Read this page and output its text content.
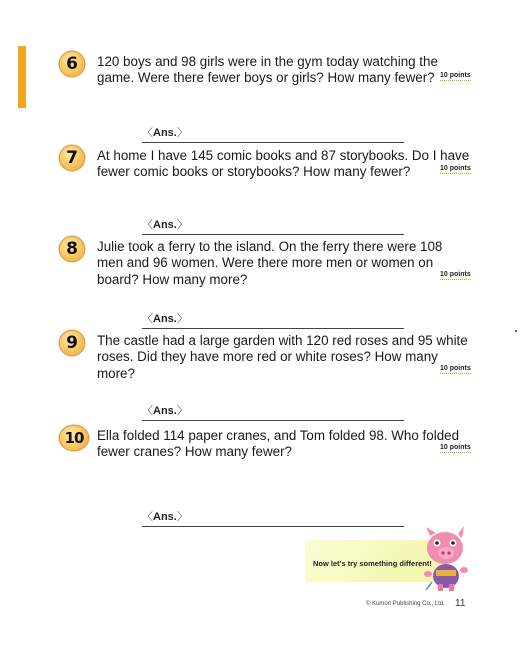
6	120 boys and 98 girls were in the gym today watching the game. Were there fewer boys or girls? How many fewer? 10 points
〈 Ans. 〉
7	At home I have 145 comic books and 87 storybooks. Do I have fewer comic books or storybooks? How many fewer?	10 points
〈 Ans. 〉
8	Julie took a ferry to the island. On the ferry there were 108 men and 96 women. Were there more men or women on board? How many more?	10 points
〈 Ans. 〉
9	The castle had a large garden with 120 red roses and 95 white roses. Did they have more red or white roses? How many more?	10 points
〈 Ans. 〉
10	Ella folded 114 paper cranes, and Tom folded 98. Who folded fewer cranes? How many fewer?	10 points
〈 Ans. 〉
Now let's try something different!
© Kumon Publishing Co., Ltd. 11
